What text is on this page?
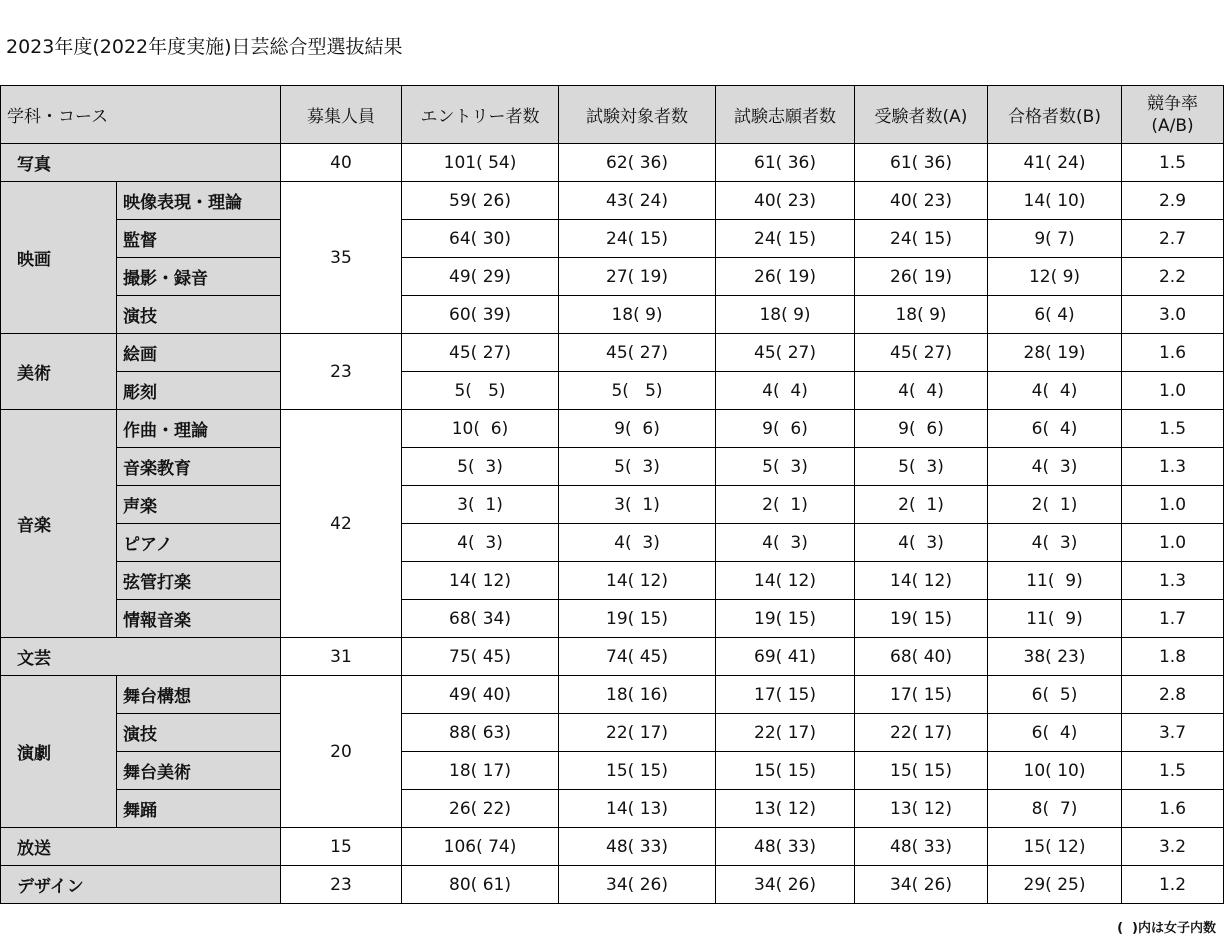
2023年度(2022年度実施)日芸総合型選抜結果
学科・コース		募集人員	エントリー者数	試験対象者数	試験志願者数	受験者数(A)	合格者数(B)	競争率
(A/B)

写真		40	101( 54)	62( 36)	61( 36)	61( 36)	41( 24)	1.5
映画	映像表現・理論	35	59( 26)	43( 24)	40( 23)	40( 23)	14( 10)	2.9
	監督		64( 30)	24( 15)	24( 15)	24( 15)	9( 7)	2.7
	撮影・録音		49( 29)	27( 19)	26( 19)	26( 19)	12( 9)	2.2
	演技		60( 39)	18( 9)	18( 9)	18( 9)	6( 4)	3.0
美術	絵画	23	45( 27)	45( 27)	45( 27)	45( 27)	28( 19)	1.6
	彫刻		5(   5)	5(   5)	4(  4)	4(  4)	4(  4)	1.0
音楽	作曲・理論	42	10(  6)	9(  6)	9(  6)	9(  6)	6(  4)	1.5
	音楽教育		5(  3)	5(  3)	5(  3)	5(  3)	4(  3)	1.3
	声楽		3(  1)	3(  1)	2(  1)	2(  1)	2(  1)	1.0
	ピアノ		4(  3)	4(  3)	4(  3)	4(  3)	4(  3)	1.0
	弦管打楽		14( 12)	14( 12)	14( 12)	14( 12)	11(  9)	1.3
	情報音楽		68( 34)	19( 15)	19( 15)	19( 15)	11(  9)	1.7
文芸		31	75( 45)	74( 45)	69( 41)	68( 40)	38( 23)	1.8
演劇	舞台構想	20	49( 40)	18( 16)	17( 15)	17( 15)	6(  5)	2.8
	演技		88( 63)	22( 17)	22( 17)	22( 17)	6(  4)	3.7
	舞台美術		18( 17)	15( 15)	15( 15)	15( 15)	10( 10)	1.5
	舞踊		26( 22)	14( 13)	13( 12)	13( 12)	8(  7)	1.6
放送		15	106( 74)	48( 33)	48( 33)	48( 33)	15( 12)	3.2
デザイン		23	80( 61)	34( 26)	34( 26)	34( 26)	29( 25)	1.2
(  )内は女子内数
